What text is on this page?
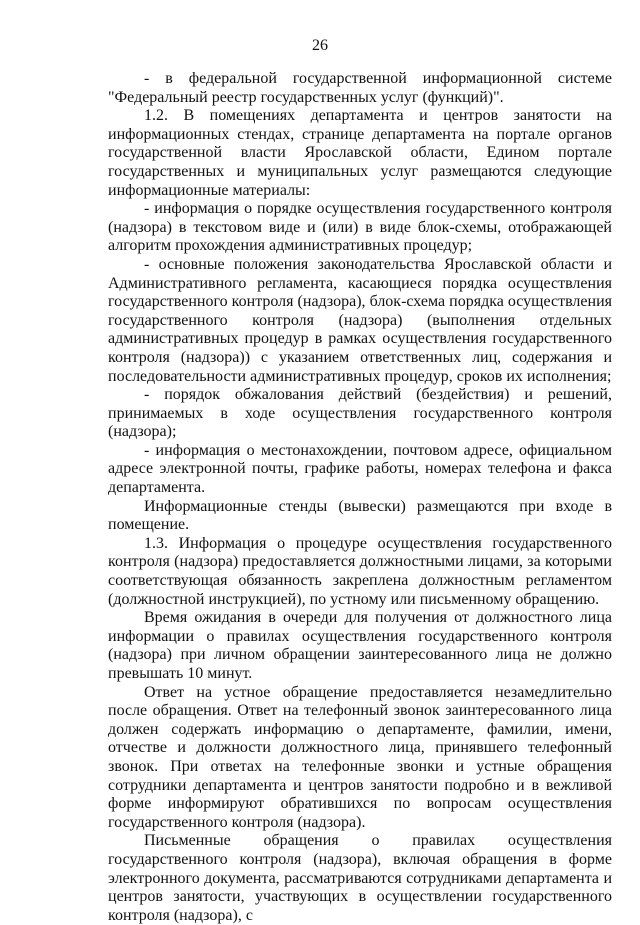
26

- в федеральной государственной информационной системе "Федеральный реестр государственных услуг (функций)".

1.2. В помещениях департамента и центров занятости на информационных стендах, странице департамента на портале органов государственной власти Ярославской области, Едином портале государственных и муниципальных услуг размещаются следующие информационные материалы:

- информация о порядке осуществления государственного контроля (надзора) в текстовом виде и (или) в виде блок-схемы, отображающей алгоритм прохождения административных процедур;

- основные положения законодательства Ярославской области и Административного регламента, касающиеся порядка осуществления государственного контроля (надзора), блок-схема порядка осуществления государственного контроля (надзора) (выполнения отдельных административных процедур в рамках осуществления государственного контроля (надзора)) с указанием ответственных лиц, содержания и последовательности административных процедур, сроков их исполнения;

- порядок обжалования действий (бездействия) и решений, принимаемых в ходе осуществления государственного контроля (надзора);

- информация о местонахождении, почтовом адресе, официальном адресе электронной почты, графике работы, номерах телефона и факса департамента.

Информационные стенды (вывески) размещаются при входе в помещение.

1.3. Информация о процедуре осуществления государственного контроля (надзора) предоставляется должностными лицами, за которыми соответствующая обязанность закреплена должностным регламентом (должностной инструкцией), по устному или письменному обращению.

Время ожидания в очереди для получения от должностного лица информации о правилах осуществления государственного контроля (надзора) при личном обращении заинтересованного лица не должно превышать 10 минут.

Ответ на устное обращение предоставляется незамедлительно после обращения. Ответ на телефонный звонок заинтересованного лица должен содержать информацию о департаменте, фамилии, имени, отчестве и должности должностного лица, принявшего телефонный звонок. При ответах на телефонные звонки и устные обращения сотрудники департамента и центров занятости подробно и в вежливой форме информируют обратившихся по вопросам осуществления государственного контроля (надзора).

Письменные обращения о правилах осуществления государственного контроля (надзора), включая обращения в форме электронного документа, рассматриваются сотрудниками департамента и центров занятости, участвующих в осуществлении государственного контроля (надзора), с
